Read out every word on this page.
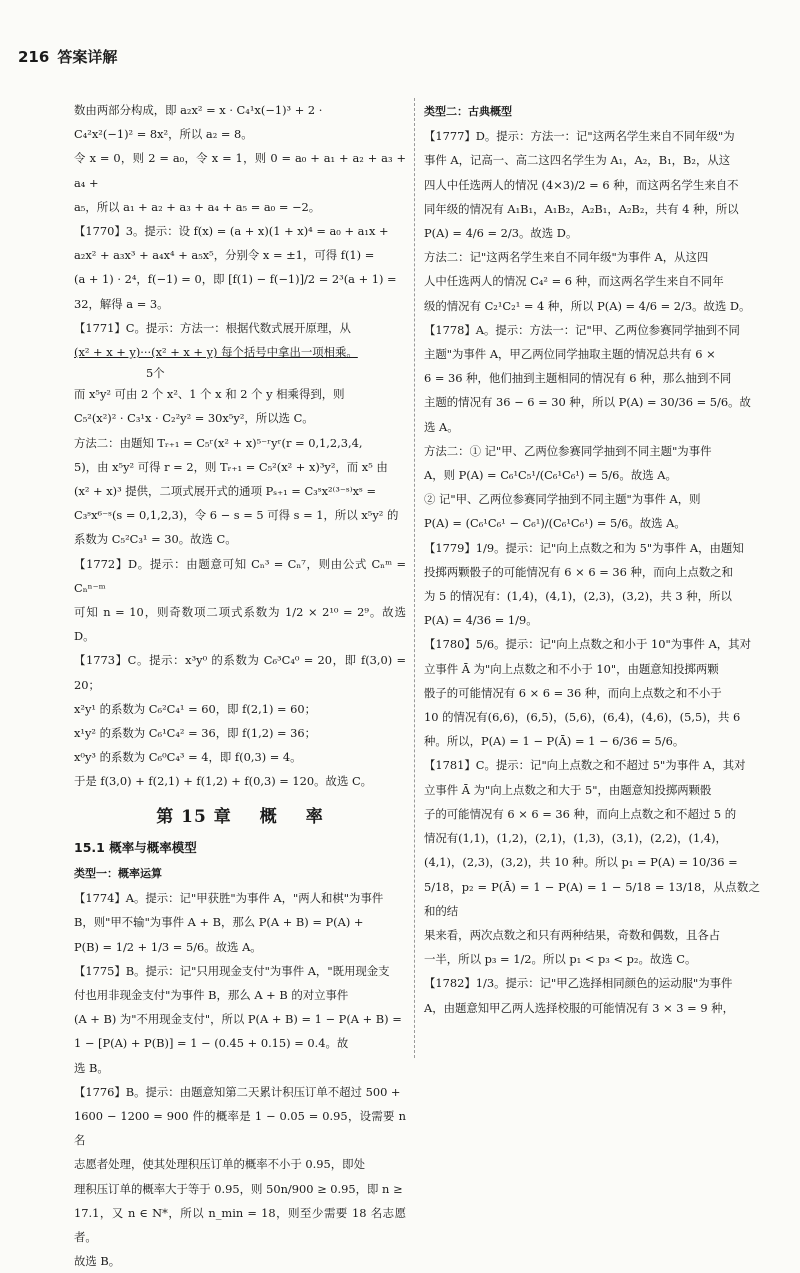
216 答案详解

数由两部分构成，即 a₂x² = x · C₄¹x(−1)³ + 2 ·

C₄²x²(−1)² = 8x²，所以 a₂ = 8。

令 x = 0，则 2 = a₀，令 x = 1，则 0 = a₀ + a₁ + a₂ + a₃ + a₄ +

a₅，所以 a₁ + a₂ + a₃ + a₄ + a₅ = a₀ = −2。

【1770】3。提示：设 f(x) = (a + x)(1 + x)⁴ = a₀ + a₁x +

a₂x² + a₃x³ + a₄x⁴ + a₅x⁵，分别令 x = ±1，可得 f(1) =

(a + 1) · 2⁴，f(−1) = 0，即 [f(1) − f(−1)]/2 = 2³(a + 1) =

32，解得 a = 3。

【1771】C。提示：方法一：根据代数式展开原理，从

(x² + x + y)···(x² + x + y) 每个括号中拿出一项相乘。

5个

而 x⁵y² 可由 2 个 x²、1 个 x 和 2 个 y 相乘得到，则

C₅²(x²)² · C₃¹x · C₂²y² = 30x⁵y²，所以选 C。

方法二：由题知 Tᵣ₊₁ = C₅ʳ(x² + x)⁵⁻ʳyʳ(r = 0,1,2,3,4,

5)，由 x⁵y² 可得 r = 2，则 Tᵣ₊₁ = C₅²(x² + x)³y²，而 x⁵ 由

(x² + x)³ 提供，二项式展开式的通项 Pₛ₊₁ = C₃ˢx²⁽³⁻ˢ⁾xˢ =

C₃ˢx⁶⁻ˢ(s = 0,1,2,3)，令 6 − s = 5 可得 s = 1，所以 x⁵y² 的

系数为 C₅²C₃¹ = 30。故选 C。

【1772】D。提示：由题意可知 Cₙ³ = Cₙ⁷，则由公式 Cₙᵐ = Cₙⁿ⁻ᵐ

可知 n = 10，则奇数项二项式系数为 1/2 × 2¹⁰ = 2⁹。故选 D。

【1773】C。提示：x³y⁰ 的系数为 C₆³C₄⁰ = 20，即 f(3,0) = 20；

x²y¹ 的系数为 C₆²C₄¹ = 60，即 f(2,1) = 60；

x¹y² 的系数为 C₆¹C₄² = 36，即 f(1,2) = 36；

x⁰y³ 的系数为 C₆⁰C₄³ = 4，即 f(0,3) = 4。

于是 f(3,0) + f(2,1) + f(1,2) + f(0,3) = 120。故选 C。

第 15 章 概 率

15.1 概率与概率模型

类型一：概率运算

【1774】A。提示：记"甲获胜"为事件 A，"两人和棋"为事件

B，则"甲不输"为事件 A + B，那么 P(A + B) = P(A) +

P(B) = 1/2 + 1/3 = 5/6。故选 A。

【1775】B。提示：记"只用现金支付"为事件 A，"既用现金支

付也用非现金支付"为事件 B，那么 A + B 的对立事件

(A + B) 为"不用现金支付"，所以 P(A + B) = 1 − P(A + B) =

1 − [P(A) + P(B)] = 1 − (0.45 + 0.15) = 0.4。故

选 B。

【1776】B。提示：由题意知第二天累计积压订单不超过 500 +

1600 − 1200 = 900 件的概率是 1 − 0.05 = 0.95，设需要 n 名

志愿者处理，使其处理积压订单的概率不小于 0.95，即处

理积压订单的概率大于等于 0.95，则 50n/900 ≥ 0.95，即 n ≥

17.1，又 n ∈ N*，所以 n_min = 18，则至少需要 18 名志愿者。

故选 B。

类型二：古典概型

【1777】D。提示：方法一：记"这两名学生来自不同年级"为

事件 A，记高一、高二这四名学生为 A₁，A₂，B₁，B₂，从这

四人中任选两人的情况 (4×3)/2 = 6 种，而这两名学生来自不

同年级的情况有 A₁B₁，A₁B₂，A₂B₁，A₂B₂，共有 4 种，所以

P(A) = 4/6 = 2/3。故选 D。

方法二：记"这两名学生来自不同年级"为事件 A，从这四

人中任选两人的情况 C₄² = 6 种，而这两名学生来自不同年

级的情况有 C₂¹C₂¹ = 4 种，所以 P(A) = 4/6 = 2/3。故选 D。

【1778】A。提示：方法一：记"甲、乙两位参赛同学抽到不同

主题"为事件 A，甲乙两位同学抽取主题的情况总共有 6 ×

6 = 36 种，他们抽到主题相同的情况有 6 种，那么抽到不同

主题的情况有 36 − 6 = 30 种，所以 P(A) = 30/36 = 5/6。故

选 A。

方法二：① 记"甲、乙两位参赛同学抽到不同主题"为事件

A，则 P(A) = C₆¹C₅¹/(C₆¹C₆¹) = 5/6。故选 A。

② 记"甲、乙两位参赛同学抽到不同主题"为事件 A，则

P(A) = (C₆¹C₆¹ − C₆¹)/(C₆¹C₆¹) = 5/6。故选 A。

【1779】1/9。提示：记"向上点数之和为 5"为事件 A，由题知

投掷两颗骰子的可能情况有 6 × 6 = 36 种，而向上点数之和

为 5 的情况有：(1,4)，(4,1)，(2,3)，(3,2)，共 3 种，所以

P(A) = 4/36 = 1/9。

【1780】5/6。提示：记"向上点数之和小于 10"为事件 A，其对

立事件 Ā 为"向上点数之和不小于 10"，由题意知投掷两颗

骰子的可能情况有 6 × 6 = 36 种，而向上点数之和不小于

10 的情况有(6,6)，(6,5)，(5,6)，(6,4)，(4,6)，(5,5)，共 6

种。所以，P(A) = 1 − P(Ā) = 1 − 6/36 = 5/6。

【1781】C。提示：记"向上点数之和不超过 5"为事件 A，其对

立事件 Ā 为"向上点数之和大于 5"，由题意知投掷两颗骰

子的可能情况有 6 × 6 = 36 种，而向上点数之和不超过 5 的

情况有(1,1)，(1,2)，(2,1)，(1,3)，(3,1)，(2,2)，(1,4)，

(4,1)，(2,3)，(3,2)，共 10 种。所以 p₁ = P(A) = 10/36 =

5/18，p₂ = P(Ā) = 1 − P(A) = 1 − 5/18 = 13/18，从点数之和的结

果来看，两次点数之和只有两种结果，奇数和偶数，且各占

一半，所以 p₃ = 1/2。所以 p₁ < p₃ < p₂。故选 C。

【1782】1/3。提示：记"甲乙选择相同颜色的运动服"为事件

A，由题意知甲乙两人选择校服的可能情况有 3 × 3 = 9 种，
